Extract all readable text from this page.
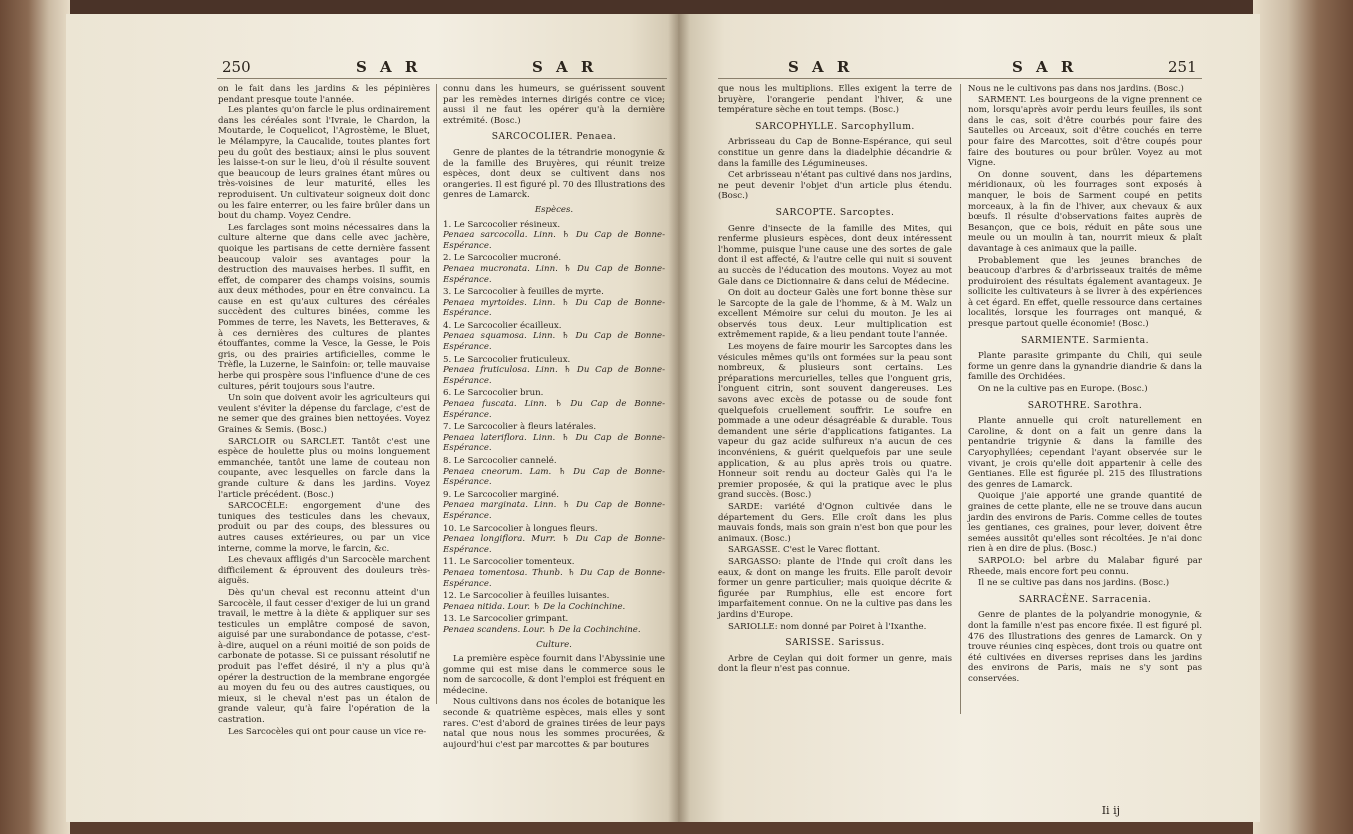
250	S A R	S A R

on le fait dans les jardins & les pépinières pendant presque toute l'année.

Les plantes qu'on farcle le plus ordinairement dans les céréales sont l'Ivraie, le Chardon, la Moutarde, le Coquelicot, l'Agrostème, le Bluet, le Mélampyre, la Caucalide, toutes plantes fort peu du goût des bestiaux; ainsi le plus souvent les laisse-t-on sur le lieu, d'où il résulte souvent que beaucoup de leurs graines étant mûres ou très-voisines de leur maturité, elles les reproduisent. Un cultivateur soigneux doit donc ou les faire enterrer, ou les faire brûler dans un bout du champ. Voyez Cendre.

Les farclages sont moins nécessaires dans la culture alterne que dans celle avec jachère, quoique les partisans de cette dernière fassent beaucoup valoir ses avantages pour la destruction des mauvaises herbes. Il suffit, en effet, de comparer des champs voisins, soumis aux deux méthodes, pour en être convaincu. La cause en est qu'aux cultures des céréales succèdent des cultures binées, comme les Pommes de terre, les Navets, les Betteraves, & à ces dernières des cultures de plantes étouffantes, comme la Vesce, la Gesse, le Pois gris, ou des prairies artificielles, comme le Trèfle, la Luzerne, le Sainfoin: or, telle mauvaise herbe qui prospère sous l'influence d'une de ces cultures, périt toujours sous l'autre.

Un soin que doivent avoir les agriculteurs qui veulent s'éviter la dépense du farclage, c'est de ne semer que des graines bien nettoyées. Voyez Graines & Semis. (Bosc.)

SARCLOIR ou SARCLET. Tantôt c'est une espèce de houlette plus ou moins longuement emmanchée, tantôt une lame de couteau non coupante, avec lesquelles on farcle dans la grande culture & dans les jardins. Voyez l'article précédent. (Bosc.)

SARCOCÈLE: engorgement d'une des tuniques des testicules dans les chevaux, produit ou par des coups, des blessures ou autres causes extérieures, ou par un vice interne, comme la morve, le farcin, &c.

Les chevaux affligés d'un Sarcocèle marchent difficilement & éprouvent des douleurs très-aiguës.

Dès qu'un cheval est reconnu atteint d'un Sarcocèle, il faut cesser d'exiger de lui un grand travail, le mettre à la diète & appliquer sur ses testicules un emplâtre composé de savon, aiguisé par une surabondance de potasse, c'est-à-dire, auquel on a réuni moitié de son poids de carbonate de potasse. Si ce puissant résolutif ne produit pas l'effet désiré, il n'y a plus qu'à opérer la destruction de la membrane engorgée au moyen du feu ou des autres caustiques, ou mieux, si le cheval n'est pas un étalon de grande valeur, qu'à faire l'opération de la castration.

Les Sarcocèles qui ont pour cause un vice re-

connu dans les humeurs, se guérissent souvent par les remèdes internes dirigés contre ce vice; aussi il ne faut les opérer qu'à la dernière extrémité. (Bosc.)

SARCOCOLIER. Penaea.

Genre de plantes de la tétrandrie monogynie & de la famille des Bruyères, qui réunit treize espèces, dont deux se cultivent dans nos orangeries. Il est figuré pl. 70 des Illustrations des genres de Lamarck.

Espèces.

1. Le Sarcocolier résineux.

Penaea sarcocolla. Linn. ♄ Du Cap de Bonne-Espérance.

2. Le Sarcocolier mucroné.

Penaea mucronata. Linn. ♄ Du Cap de Bonne-Espérance.

3. Le Sarcocolier à feuilles de myrte.

Penaea myrtoides. Linn. ♄ Du Cap de Bonne-Espérance.

4. Le Sarcocolier écailleux.

Penaea squamosa. Linn. ♄ Du Cap de Bonne-Espérance.

5. Le Sarcocolier fruticuleux.

Penaea fruticulosa. Linn. ♄ Du Cap de Bonne-Espérance.

6. Le Sarcocolier brun.

Penaea fuscata. Linn. ♄ Du Cap de Bonne-Espérance.

7. Le Sarcocolier à fleurs latérales.

Penaea lateriflora. Linn. ♄ Du Cap de Bonne-Espérance.

8. Le Sarcocolier cannelé.

Penaea cneorum. Lam. ♄ Du Cap de Bonne-Espérance.

9. Le Sarcocolier marginé.

Penaea marginata. Linn. ♄ Du Cap de Bonne-Espérance.

10. Le Sarcocolier à longues fleurs.

Penaea longiflora. Murr. ♄ Du Cap de Bonne-Espérance.

11. Le Sarcocolier tomenteux.

Penaea tomentosa. Thunb. ♄ Du Cap de Bonne-Espérance.

12. Le Sarcocolier à feuilles luisantes.

Penaea nitida. Lour. ♄ De la Cochinchine.

13. Le Sarcocolier grimpant.

Penaea scandens. Lour. ♄ De la Cochinchine.

Culture.

La première espèce fournit dans l'Abyssinie une gomme qui est mise dans le commerce sous le nom de sarcocolle, & dont l'emploi est fréquent en médecine.

Nous cultivons dans nos écoles de botanique les seconde & quatrième espèces, mais elles y sont rares. C'est d'abord de graines tirées de leur pays natal que nous nous les sommes procurées, & aujourd'hui c'est par marcottes & par boutures

S A R	S A R	251

que nous les multiplions. Elles exigent la terre de bruyère, l'orangerie pendant l'hiver, & une température sèche en tout temps. (Bosc.)

SARCOPHYLLE. Sarcophyllum.

Arbrisseau du Cap de Bonne-Espérance, qui seul constitue un genre dans la diadelphie décandrie & dans la famille des Légumineuses.

Cet arbrisseau n'étant pas cultivé dans nos jardins, ne peut devenir l'objet d'un article plus étendu. (Bosc.)

SARCOPTE. Sarcoptes.

Genre d'insecte de la famille des Mites, qui renferme plusieurs espèces, dont deux intéressent l'homme, puisque l'une cause une des sortes de gale dont il est affecté, & l'autre celle qui nuit si souvent au succès de l'éducation des moutons. Voyez au mot Gale dans ce Dictionnaire & dans celui de Médecine.

On doit au docteur Galès une fort bonne thèse sur le Sarcopte de la gale de l'homme, & à M. Walz un excellent Mémoire sur celui du mouton. Je les ai observés tous deux. Leur multiplication est extrêmement rapide, & a lieu pendant toute l'année.

Les moyens de faire mourir les Sarcoptes dans les vésicules mêmes qu'ils ont formées sur la peau sont nombreux, & plusieurs sont certains. Les préparations mercurielles, telles que l'onguent gris, l'onguent citrin, sont souvent dangereuses. Les savons avec excès de potasse ou de soude font quelquefois cruellement souffrir. Le soufre en pommade a une odeur désagréable & durable. Tous demandent une série d'applications fatigantes. La vapeur du gaz acide sulfureux n'a aucun de ces inconvéniens, & guérit quelquefois par une seule application, & au plus après trois ou quatre. Honneur soit rendu au docteur Galès qui l'a le premier proposée, & qui la pratique avec le plus grand succès. (Bosc.)

SARDE: variété d'Ognon cultivée dans le département du Gers. Elle croît dans les plus mauvais fonds, mais son grain n'est bon que pour les animaux. (Bosc.)

SARGASSE. C'est le Varec flottant.

SARGASSO: plante de l'Inde qui croît dans les eaux, & dont on mange les fruits. Elle paroît devoir former un genre particulier; mais quoique décrite & figurée par Rumphius, elle est encore fort imparfaitement connue. On ne la cultive pas dans les jardins d'Europe.

SARIOLLE: nom donné par Poiret à l'Ixanthe.

SARISSE. Sarissus.

Arbre de Ceylan qui doit former un genre, mais dont la fleur n'est pas connue.

Nous ne le cultivons pas dans nos jardins. (Bosc.)

SARMENT. Les bourgeons de la vigne prennent ce nom, lorsqu'après avoir perdu leurs feuilles, ils sont dans le cas, soit d'être courbés pour faire des Sautelles ou Arceaux, soit d'être couchés en terre pour faire des Marcottes, soit d'être coupés pour faire des boutures ou pour brûler. Voyez au mot Vigne.

On donne souvent, dans les départemens méridionaux, où les fourrages sont exposés à manquer, le bois de Sarment coupé en petits morceaux, à la fin de l'hiver, aux chevaux & aux bœufs. Il résulte d'observations faites auprès de Besançon, que ce bois, réduit en pâte sous une meule ou un moulin à tan, nourrit mieux & plaît davantage à ces animaux que la paille.

Probablement que les jeunes branches de beaucoup d'arbres & d'arbrisseaux traités de même produiroient des résultats également avantageux. Je sollicite les cultivateurs à se livrer à des expériences à cet égard. En effet, quelle ressource dans certaines localités, lorsque les fourrages ont manqué, & presque partout quelle économie! (Bosc.)

SARMIENTE. Sarmienta.

Plante parasite grimpante du Chili, qui seule forme un genre dans la gynandrie diandrie & dans la famille des Orchidées.

On ne la cultive pas en Europe. (Bosc.)

SAROTHRE. Sarothra.

Plante annuelle qui croît naturellement en Caroline, & dont on a fait un genre dans la pentandrie trigynie & dans la famille des Caryophyllées; cependant l'ayant observée sur le vivant, je crois qu'elle doit appartenir à celle des Gentianes. Elle est figurée pl. 215 des Illustrations des genres de Lamarck.

Quoique j'aie apporté une grande quantité de graines de cette plante, elle ne se trouve dans aucun jardin des environs de Paris. Comme celles de toutes les gentianes, ces graines, pour lever, doivent être semées aussitôt qu'elles sont récoltées. Je n'ai donc rien à en dire de plus. (Bosc.)

SARPOLO: bel arbre du Malabar figuré par Rheede, mais encore fort peu connu.

Il ne se cultive pas dans nos jardins. (Bosc.)

SARRACÈNE. Sarracenia.

Genre de plantes de la polyandrie monogynie, & dont la famille n'est pas encore fixée. Il est figuré pl. 476 des Illustrations des genres de Lamarck. On y trouve réunies cinq espèces, dont trois ou quatre ont été cultivées en diverses reprises dans les jardins des environs de Paris, mais ne s'y sont pas conservées.

Ii ij
